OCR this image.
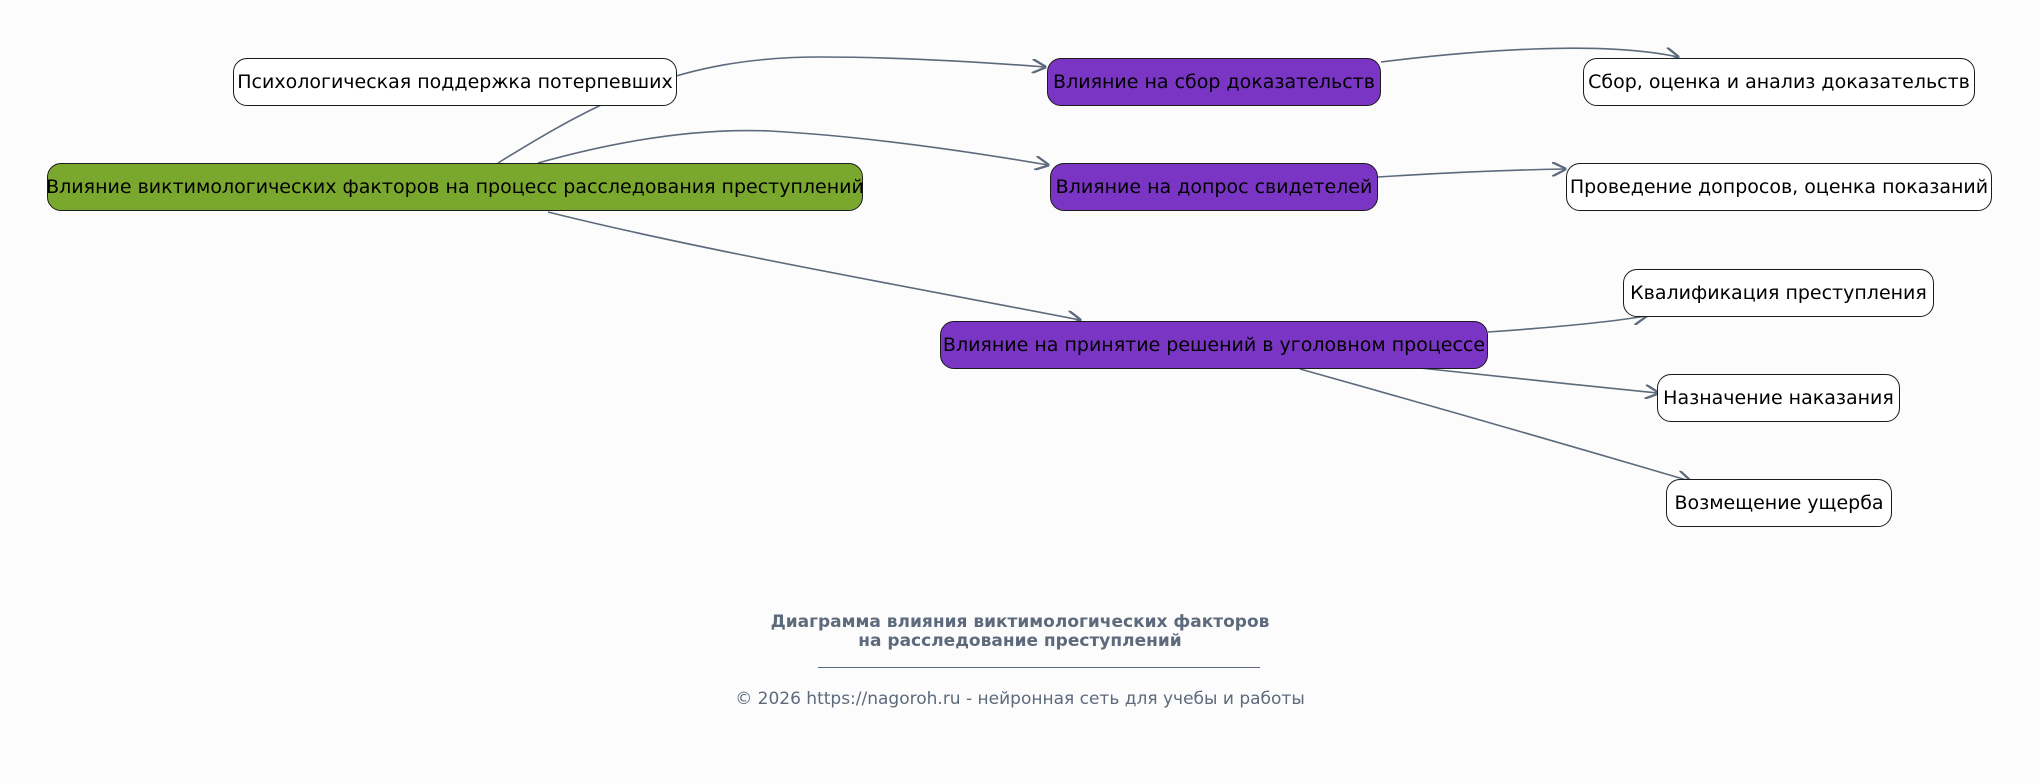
Психологическая поддержка потерпевших
Влияние виктимологических факторов на процесс расследования преступлений
Влияние на сбор доказательств
Влияние на допрос свидетелей
Влияние на принятие решений в уголовном процессе
Сбор, оценка и анализ доказательств
Проведение допросов, оценка показаний
Квалификация преступления
Назначение наказания
Возмещение ущерба
Диаграмма влияния виктимологических факторов
на расследование преступлений
© 2026 https://nagoroh.ru - нейронная сеть для учебы и работы
